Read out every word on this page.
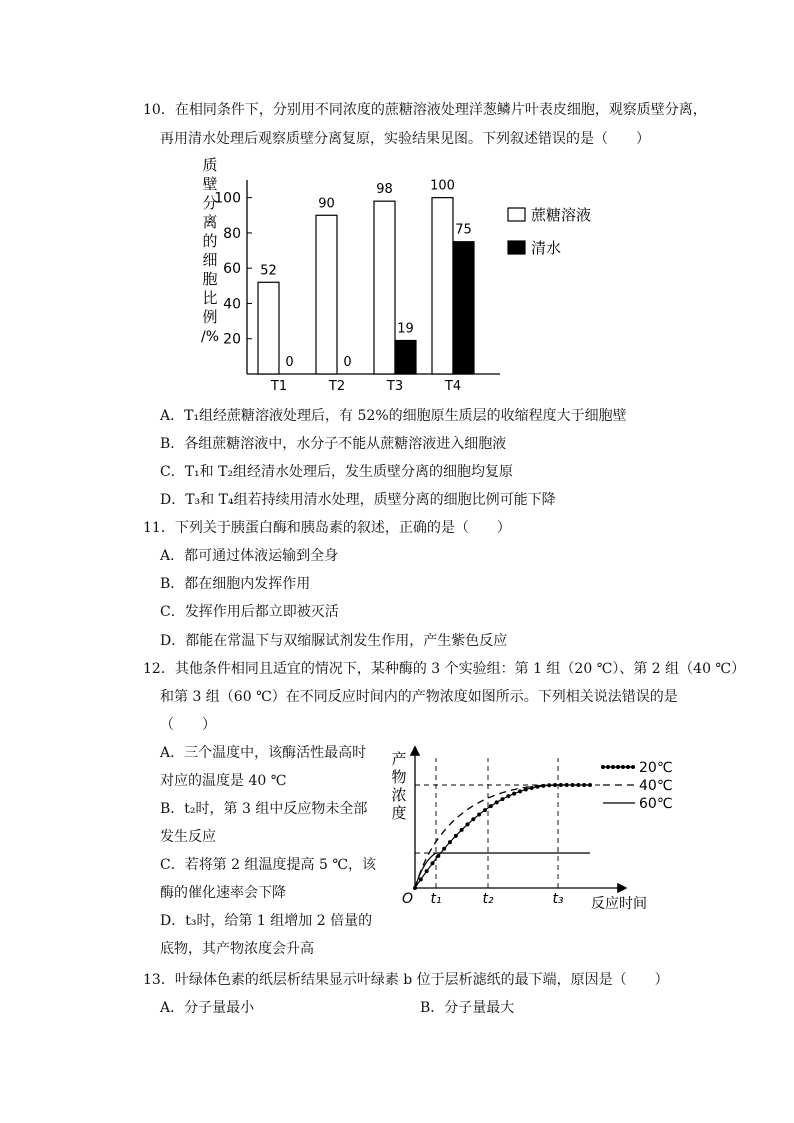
10．在相同条件下，分别用不同浓度的蔗糖溶液处理洋葱鳞片叶表皮细胞，观察质壁分离，
再用清水处理后观察质壁分离复原，实验结果见图。下列叙述错误的是（　　）
质
壁
分
离
的
细
胞
比
例
/% 20
40
60
80
100
52
0
T1
90
0
T2
98
19
T3
100
75
T4
蔗糖溶液
清水
A．T₁组经蔗糖溶液处理后，有 52%的细胞原生质层的收缩程度大于细胞壁
B．各组蔗糖溶液中，水分子不能从蔗糖溶液进入细胞液
C．T₁和 T₂组经清水处理后，发生质壁分离的细胞均复原
D．T₃和 T₄组若持续用清水处理，质壁分离的细胞比例可能下降
11．下列关于胰蛋白酶和胰岛素的叙述，正确的是（　　）
A．都可通过体液运输到全身
B．都在细胞内发挥作用
C．发挥作用后都立即被灭活
D．都能在常温下与双缩脲试剂发生作用，产生紫色反应
12．其他条件相同且适宜的情况下，某种酶的 3 个实验组：第 1 组（20 ℃）、第 2 组（40 ℃）
和第 3 组（60 ℃）在不同反应时间内的产物浓度如图所示。下列相关说法错误的是
（　　）
A．三个温度中，该酶活性最高时
对应的温度是 40 ℃
B．t₂时，第 3 组中反应物未全部
发生反应
C．若将第 2 组温度提高 5 ℃，该
酶的催化速率会下降
D．t₃时，给第 1 组增加 2 倍量的
底物，其产物浓度会升高
产
物
浓
度
O	反应时间
t₁	t₂	t₃
20℃
40℃
60℃
13．叶绿体色素的纸层析结果显示叶绿素 b 位于层析滤纸的最下端，原因是（　　）
A．分子量最小	B．分子量最大
